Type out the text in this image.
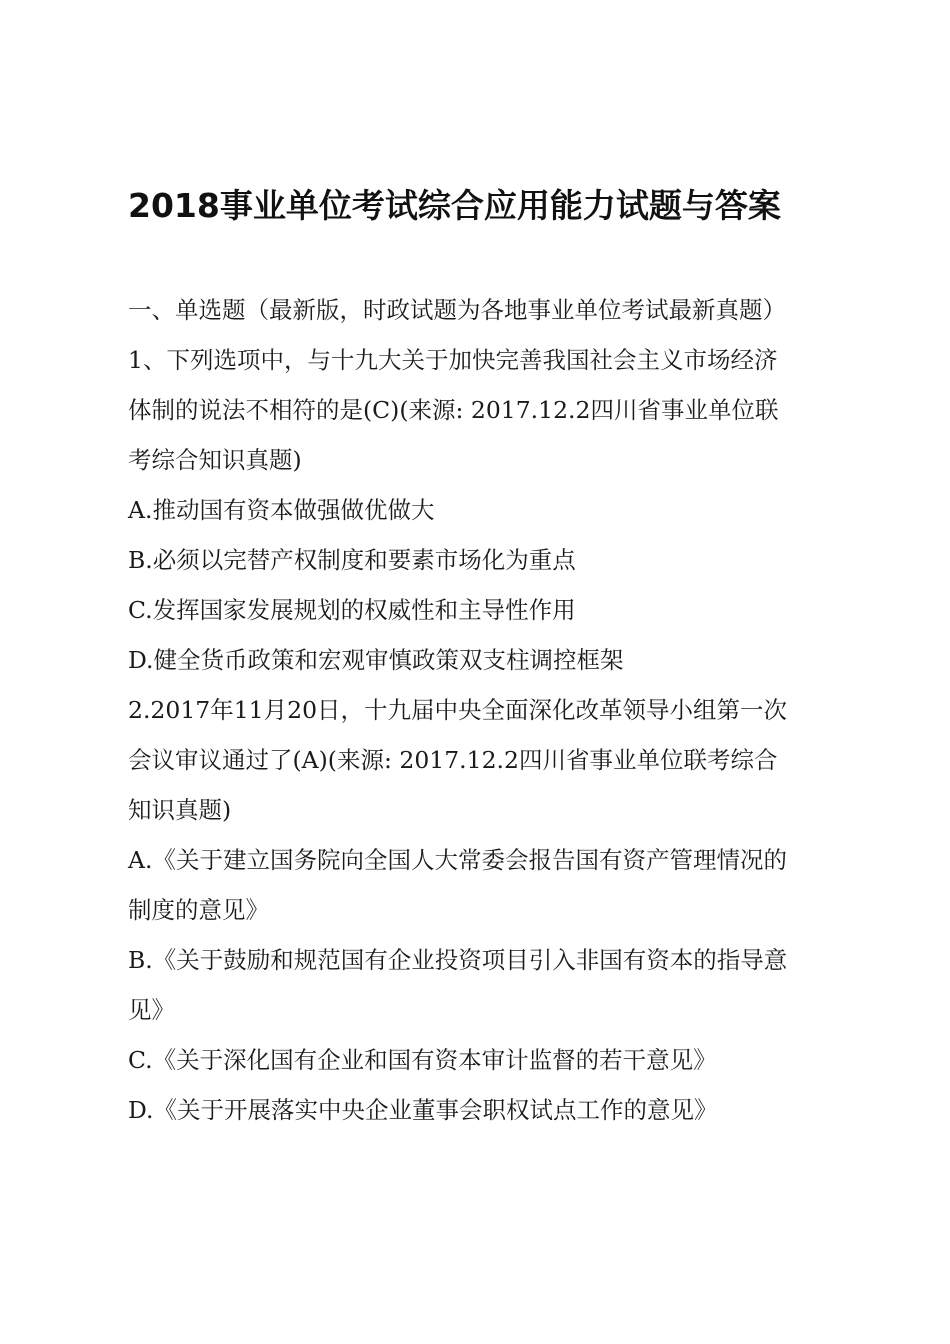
2018事业单位考试综合应用能力试题与答案
一、单选题（最新版，时政试题为各地事业单位考试最新真题）
1、下列选项中，与十九大关于加快完善我国社会主义市场经济
体制的说法不相符的是(C)(来源: 2017.12.2四川省事业单位联
考综合知识真题)
A.推动国有资本做强做优做大
B.必须以完替产权制度和要素市场化为重点
C.发挥国家发展规划的权威性和主导性作用
D.健全货币政策和宏观审慎政策双支柱调控框架
2.2017年11月20日，十九届中央全面深化改革领导小组第一次
会议审议通过了(A)(来源: 2017.12.2四川省事业单位联考综合
知识真题)
A.《关于建立国务院向全国人大常委会报告国有资产管理情况的
制度的意见》
B.《关于鼓励和规范国有企业投资项目引入非国有资本的指导意
见》
C.《关于深化国有企业和国有资本审计监督的若干意见》
D.《关于开展落实中央企业董事会职权试点工作的意见》
